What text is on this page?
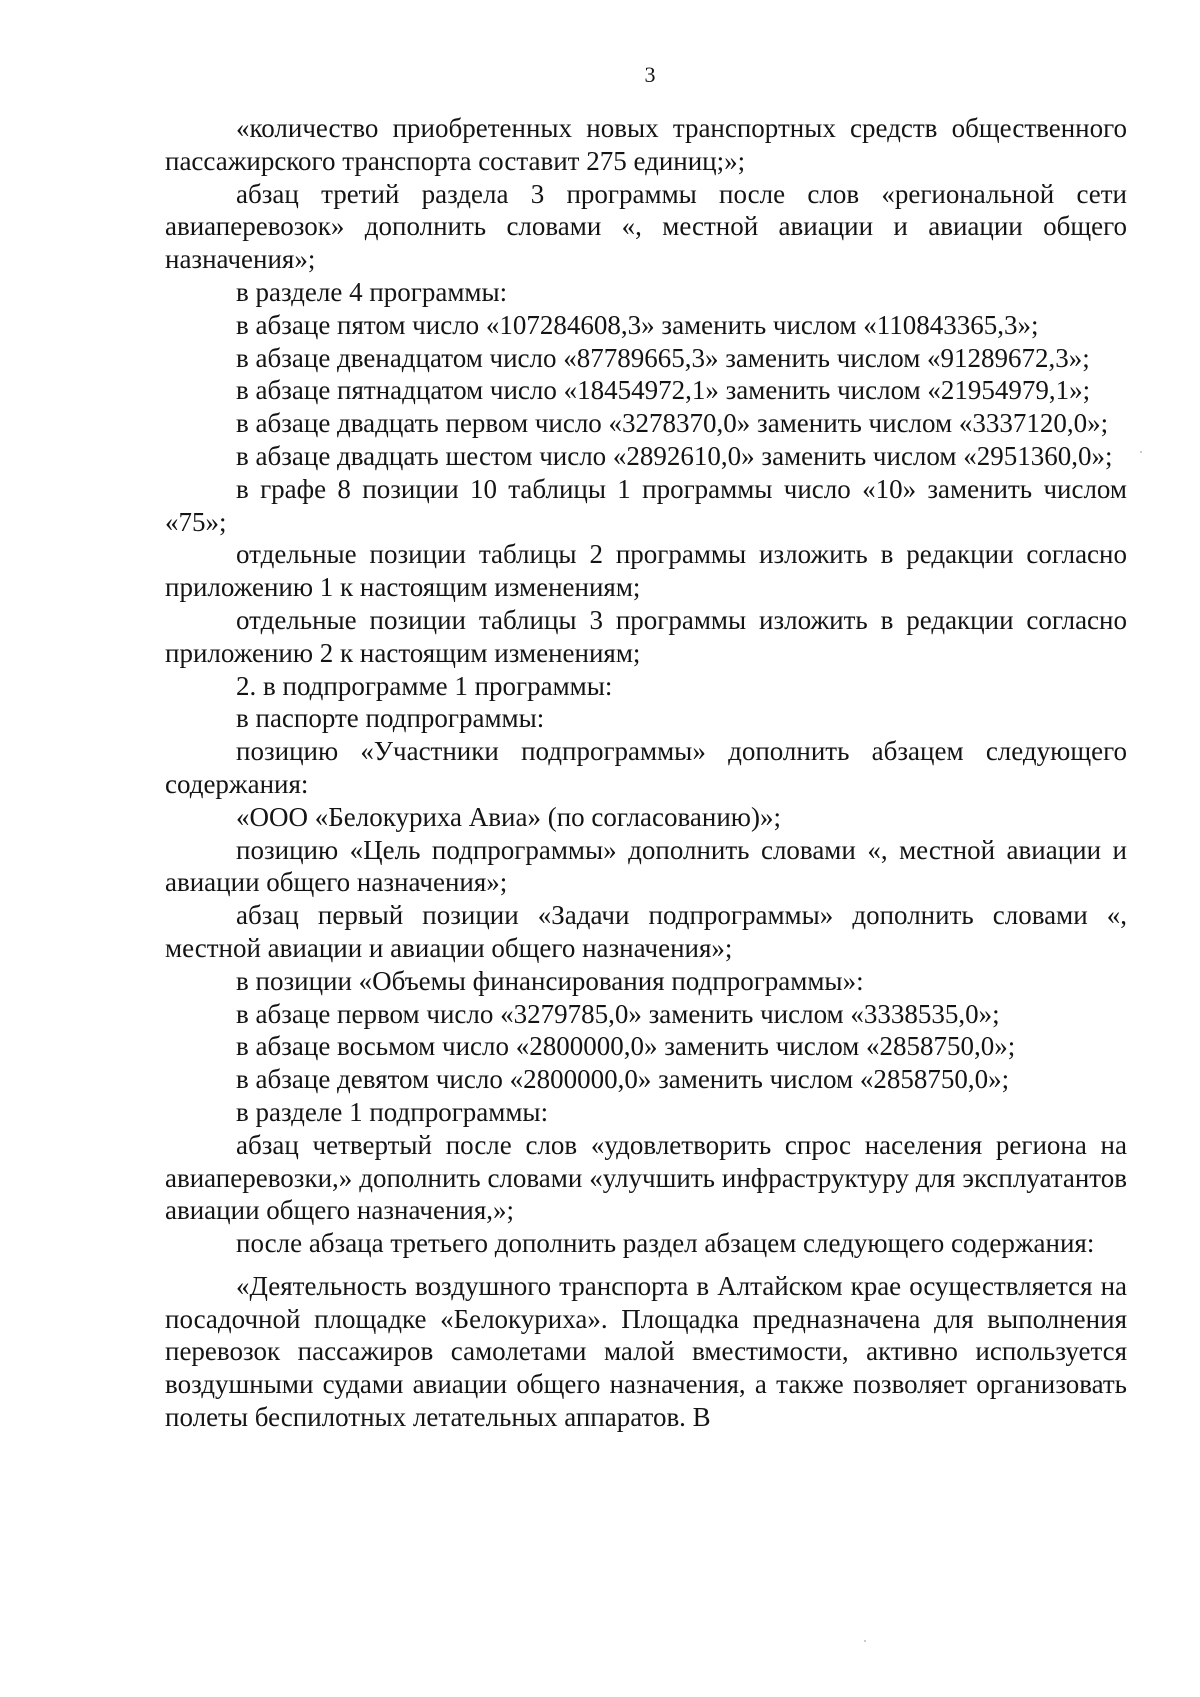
3

«количество приобретенных новых транспортных средств общественного пассажирского транспорта составит 275 единиц;»;

абзац третий раздела 3 программы после слов «региональной сети авиаперевозок» дополнить словами «, местной авиации и авиации общего назначения»;

в разделе 4 программы:

в абзаце пятом число «107284608,3» заменить числом «110843365,3»;

в абзаце двенадцатом число «87789665,3» заменить числом «91289672,3»;

в абзаце пятнадцатом число «18454972,1» заменить числом «21954979,1»;

в абзаце двадцать первом число «3278370,0» заменить числом «3337120,0»;

в абзаце двадцать шестом число «2892610,0» заменить числом «2951360,0»;

в графе 8 позиции 10 таблицы 1 программы число «10» заменить числом «75»;

отдельные позиции таблицы 2 программы изложить в редакции согласно приложению 1 к настоящим изменениям;

отдельные позиции таблицы 3 программы изложить в редакции согласно приложению 2 к настоящим изменениям;

2. в подпрограмме 1 программы:

в паспорте подпрограммы:

позицию «Участники подпрограммы» дополнить абзацем следующего содержания:

«ООО «Белокуриха Авиа» (по согласованию)»;

позицию «Цель подпрограммы» дополнить словами «, местной авиации и авиации общего назначения»;

абзац первый позиции «Задачи подпрограммы» дополнить словами «, местной авиации и авиации общего назначения»;

в позиции «Объемы финансирования подпрограммы»:

в абзаце первом число «3279785,0» заменить числом «3338535,0»;

в абзаце восьмом число «2800000,0» заменить числом «2858750,0»;

в абзаце девятом число «2800000,0» заменить числом «2858750,0»;

в разделе 1 подпрограммы:

абзац четвертый после слов «удовлетворить спрос населения региона на авиаперевозки,» дополнить словами «улучшить инфраструктуру для эксплуатантов авиации общего назначения,»;

после абзаца третьего дополнить раздел абзацем следующего содержания:

«Деятельность воздушного транспорта в Алтайском крае осуществляется на посадочной площадке «Белокуриха». Площадка предназначена для выполнения перевозок пассажиров самолетами малой вместимости, активно используется воздушными судами авиации общего назначения, а также позволяет организовать полеты беспилотных летательных аппаратов. В
